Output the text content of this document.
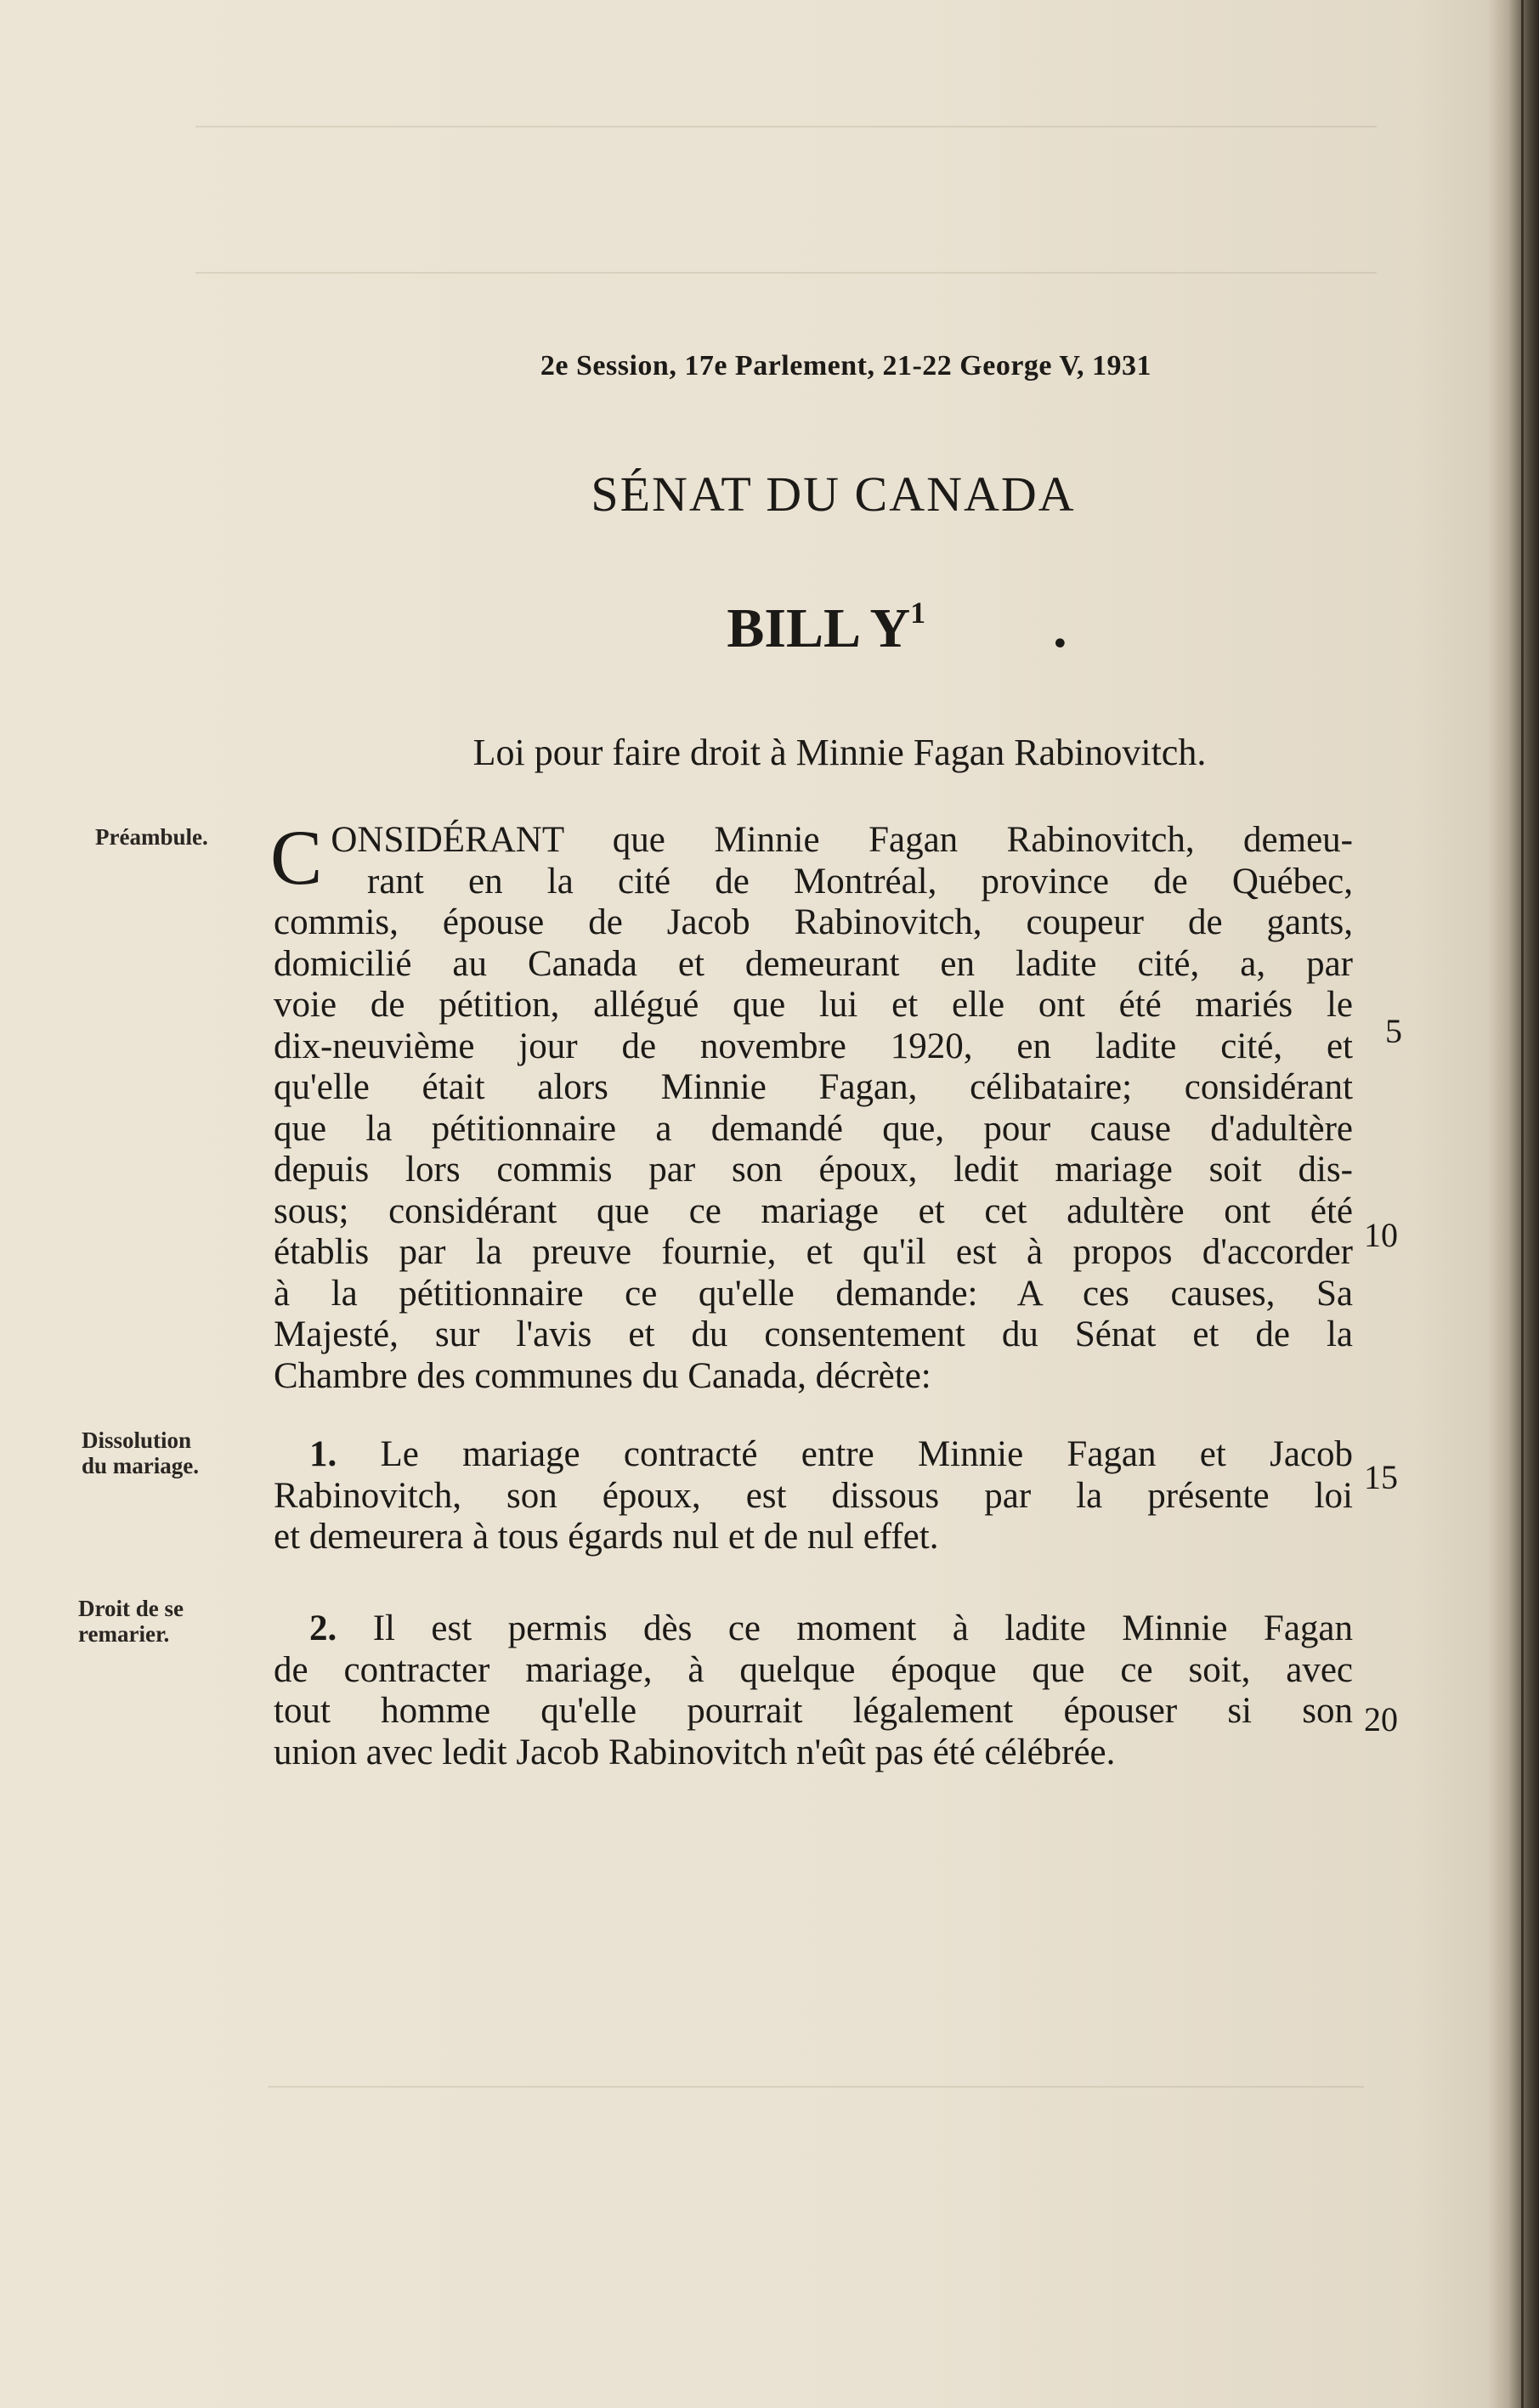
2e Session, 17e Parlement, 21-22 George V, 1931
SÉNAT DU CANADA
BILL $Y^1$ .
Loi pour faire droit à Minnie Fagan Rabinovitch.
Préambule.
Dissolution
du mariage.
Droit de se
remarier.
CONSIDÉRANT que Minnie Fagan Rabinovitch, demeu-
rant en la cité de Montréal, province de Québec,
commis, épouse de Jacob Rabinovitch, coupeur de gants,
domicilié au Canada et demeurant en ladite cité, a, par
voie de pétition, allégué que lui et elle ont été mariés le
dix-neuvième jour de novembre 1920, en ladite cité, et
qu'elle était alors Minnie Fagan, célibataire; considérant
que la pétitionnaire a demandé que, pour cause d'adultère
depuis lors commis par son époux, ledit mariage soit dis-
sous; considérant que ce mariage et cet adultère ont été
établis par la preuve fournie, et qu'il est à propos d'accorder
à la pétitionnaire ce qu'elle demande: A ces causes, Sa
Majesté, sur l'avis et du consentement du Sénat et de la
Chambre des communes du Canada, décrète:
1. Le mariage contracté entre Minnie Fagan et Jacob
Rabinovitch, son époux, est dissous par la présente loi
et demeurera à tous égards nul et de nul effet.
2. Il est permis dès ce moment à ladite Minnie Fagan
de contracter mariage, à quelque époque que ce soit, avec
tout homme qu'elle pourrait légalement épouser si son
union avec ledit Jacob Rabinovitch n'eût pas été célébrée.
5
10
15
20
